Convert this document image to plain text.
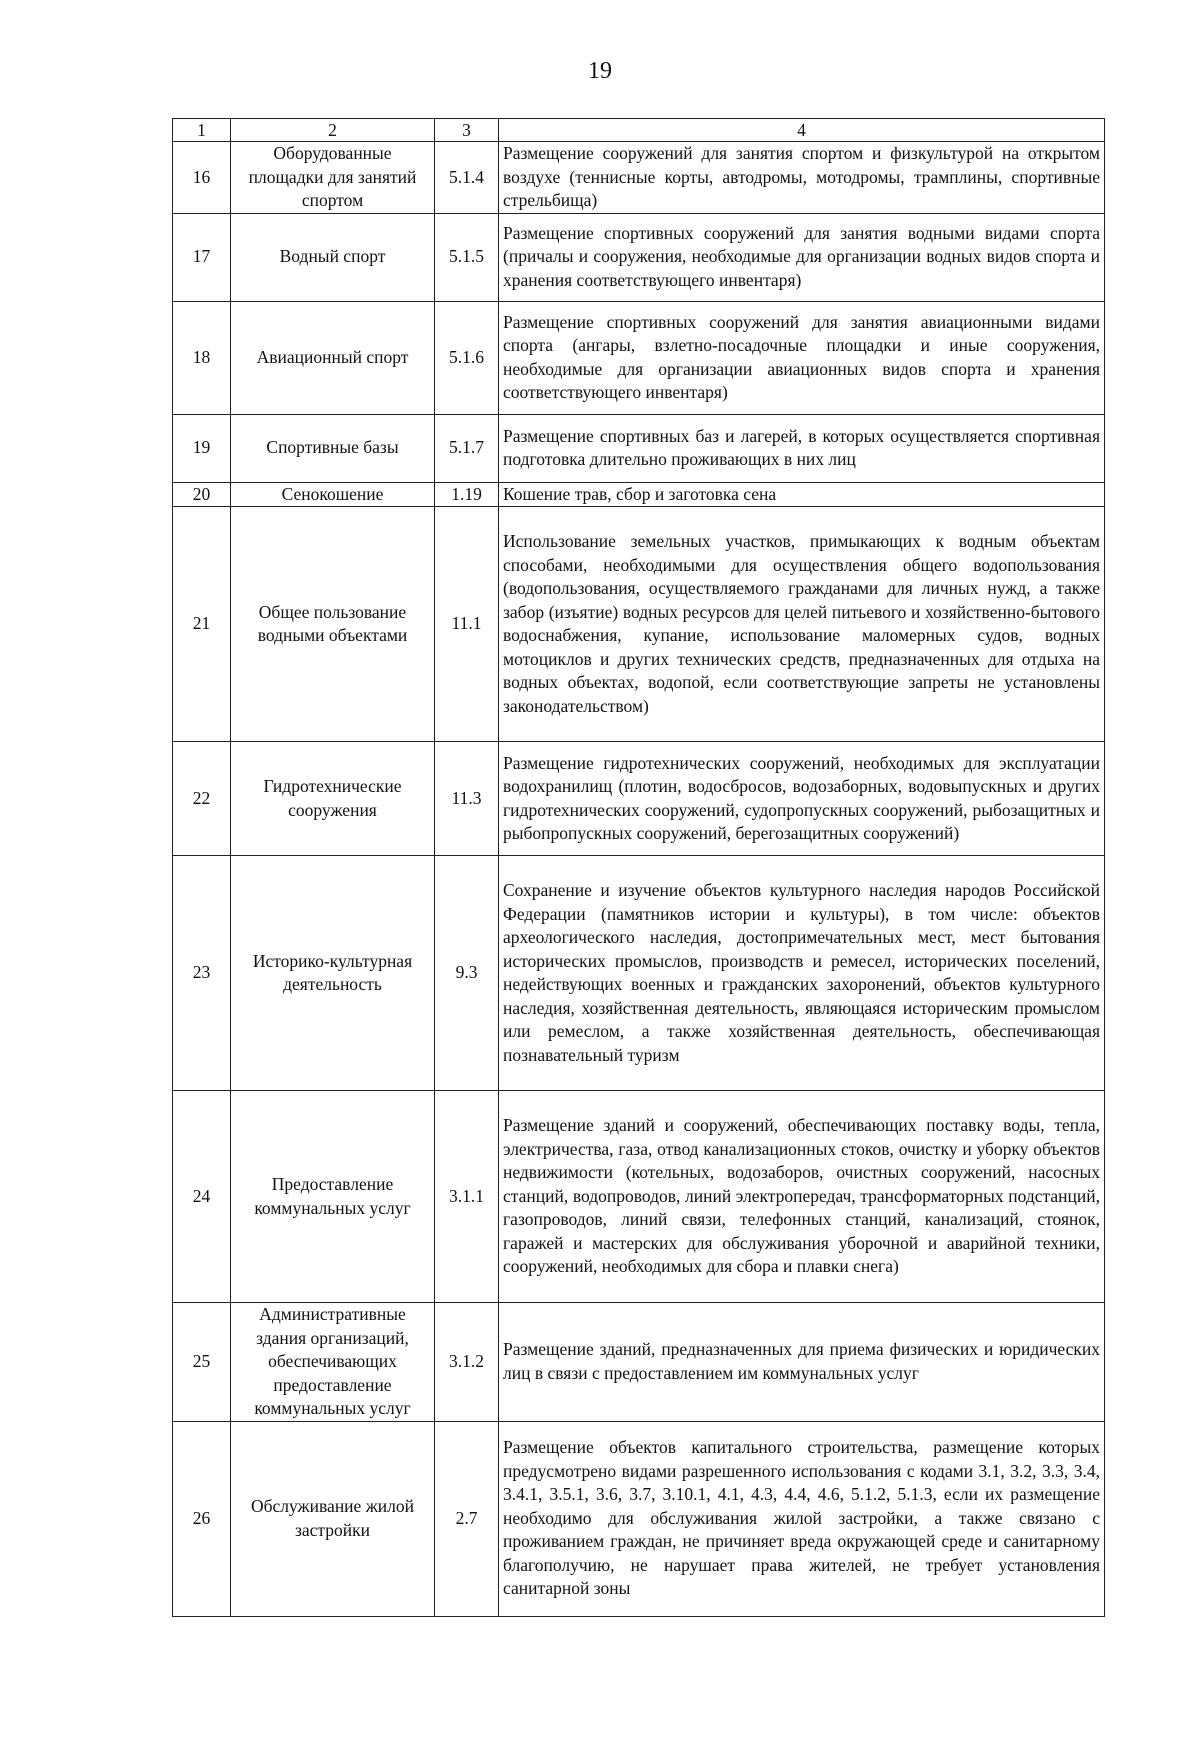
19
1	2	3	4
16	Оборудованные площадки для занятий спортом	5.1.4	Размещение сооружений для занятия спортом и физкультурой на открытом воздухе (теннисные корты, автодромы, мотодромы, трамплины, спортивные стрельбища)
17	Водный спорт	5.1.5	Размещение спортивных сооружений для занятия водными видами спорта (причалы и сооружения, необходимые для организации водных видов спорта и хранения соответствующего инвентаря)
18	Авиационный спорт	5.1.6	Размещение спортивных сооружений для занятия авиационными видами спорта (ангары, взлетно-посадочные площадки и иные сооружения, необходимые для организации авиационных видов спорта и хранения соответствующего инвентаря)
19	Спортивные базы	5.1.7	Размещение спортивных баз и лагерей, в которых осуществляется спортивная подготовка длительно проживающих в них лиц
20	Сенокошение	1.19	Кошение трав, сбор и заготовка сена
21	Общее пользование водными объектами	11.1	Использование земельных участков, примыкающих к водным объектам способами, необходимыми для осуществления общего водопользования (водопользования, осуществляемого гражданами для личных нужд, а также забор (изъятие) водных ресурсов для целей питьевого и хозяйственно-бытового водоснабжения, купание, использование маломерных судов, водных мотоциклов и других технических средств, предназначенных для отдыха на водных объектах, водопой, если соответствующие запреты не установлены законодательством)
22	Гидротехнические сооружения	11.3	Размещение гидротехнических сооружений, необходимых для эксплуатации водохранилищ (плотин, водосбросов, водозаборных, водовыпускных и других гидротехнических сооружений, судопропускных сооружений, рыбозащитных и рыбопропускных сооружений, берегозащитных сооружений)
23	Историко-культурная деятельность	9.3	Сохранение и изучение объектов культурного наследия народов Российской Федерации (памятников истории и культуры), в том числе: объектов археологического наследия, достопримечательных мест, мест бытования исторических промыслов, производств и ремесел, исторических поселений, недействующих военных и гражданских захоронений, объектов культурного наследия, хозяйственная деятельность, являющаяся историческим промыслом или ремеслом, а также хозяйственная деятельность, обеспечивающая познавательный туризм
24	Предоставление коммунальных услуг	3.1.1	Размещение зданий и сооружений, обеспечивающих поставку воды, тепла, электричества, газа, отвод канализационных стоков, очистку и уборку объектов недвижимости (котельных, водозаборов, очистных сооружений, насосных станций, водопроводов, линий электропередач, трансформаторных подстанций, газопроводов, линий связи, телефонных станций, канализаций, стоянок, гаражей и мастерских для обслуживания уборочной и аварийной техники, сооружений, необходимых для сбора и плавки снега)
25	Административные здания организаций, обеспечивающих предоставление коммунальных услуг	3.1.2	Размещение зданий, предназначенных для приема физических и юридических лиц в связи с предоставлением им коммунальных услуг
26	Обслуживание жилой застройки	2.7	Размещение объектов капитального строительства, размещение которых предусмотрено видами разрешенного использования с кодами 3.1, 3.2, 3.3, 3.4, 3.4.1, 3.5.1, 3.6, 3.7, 3.10.1, 4.1, 4.3, 4.4, 4.6, 5.1.2, 5.1.3, если их размещение необходимо для обслуживания жилой застройки, а также связано с проживанием граждан, не причиняет вреда окружающей среде и санитарному благополучию, не нарушает права жителей, не требует установления санитарной зоны
